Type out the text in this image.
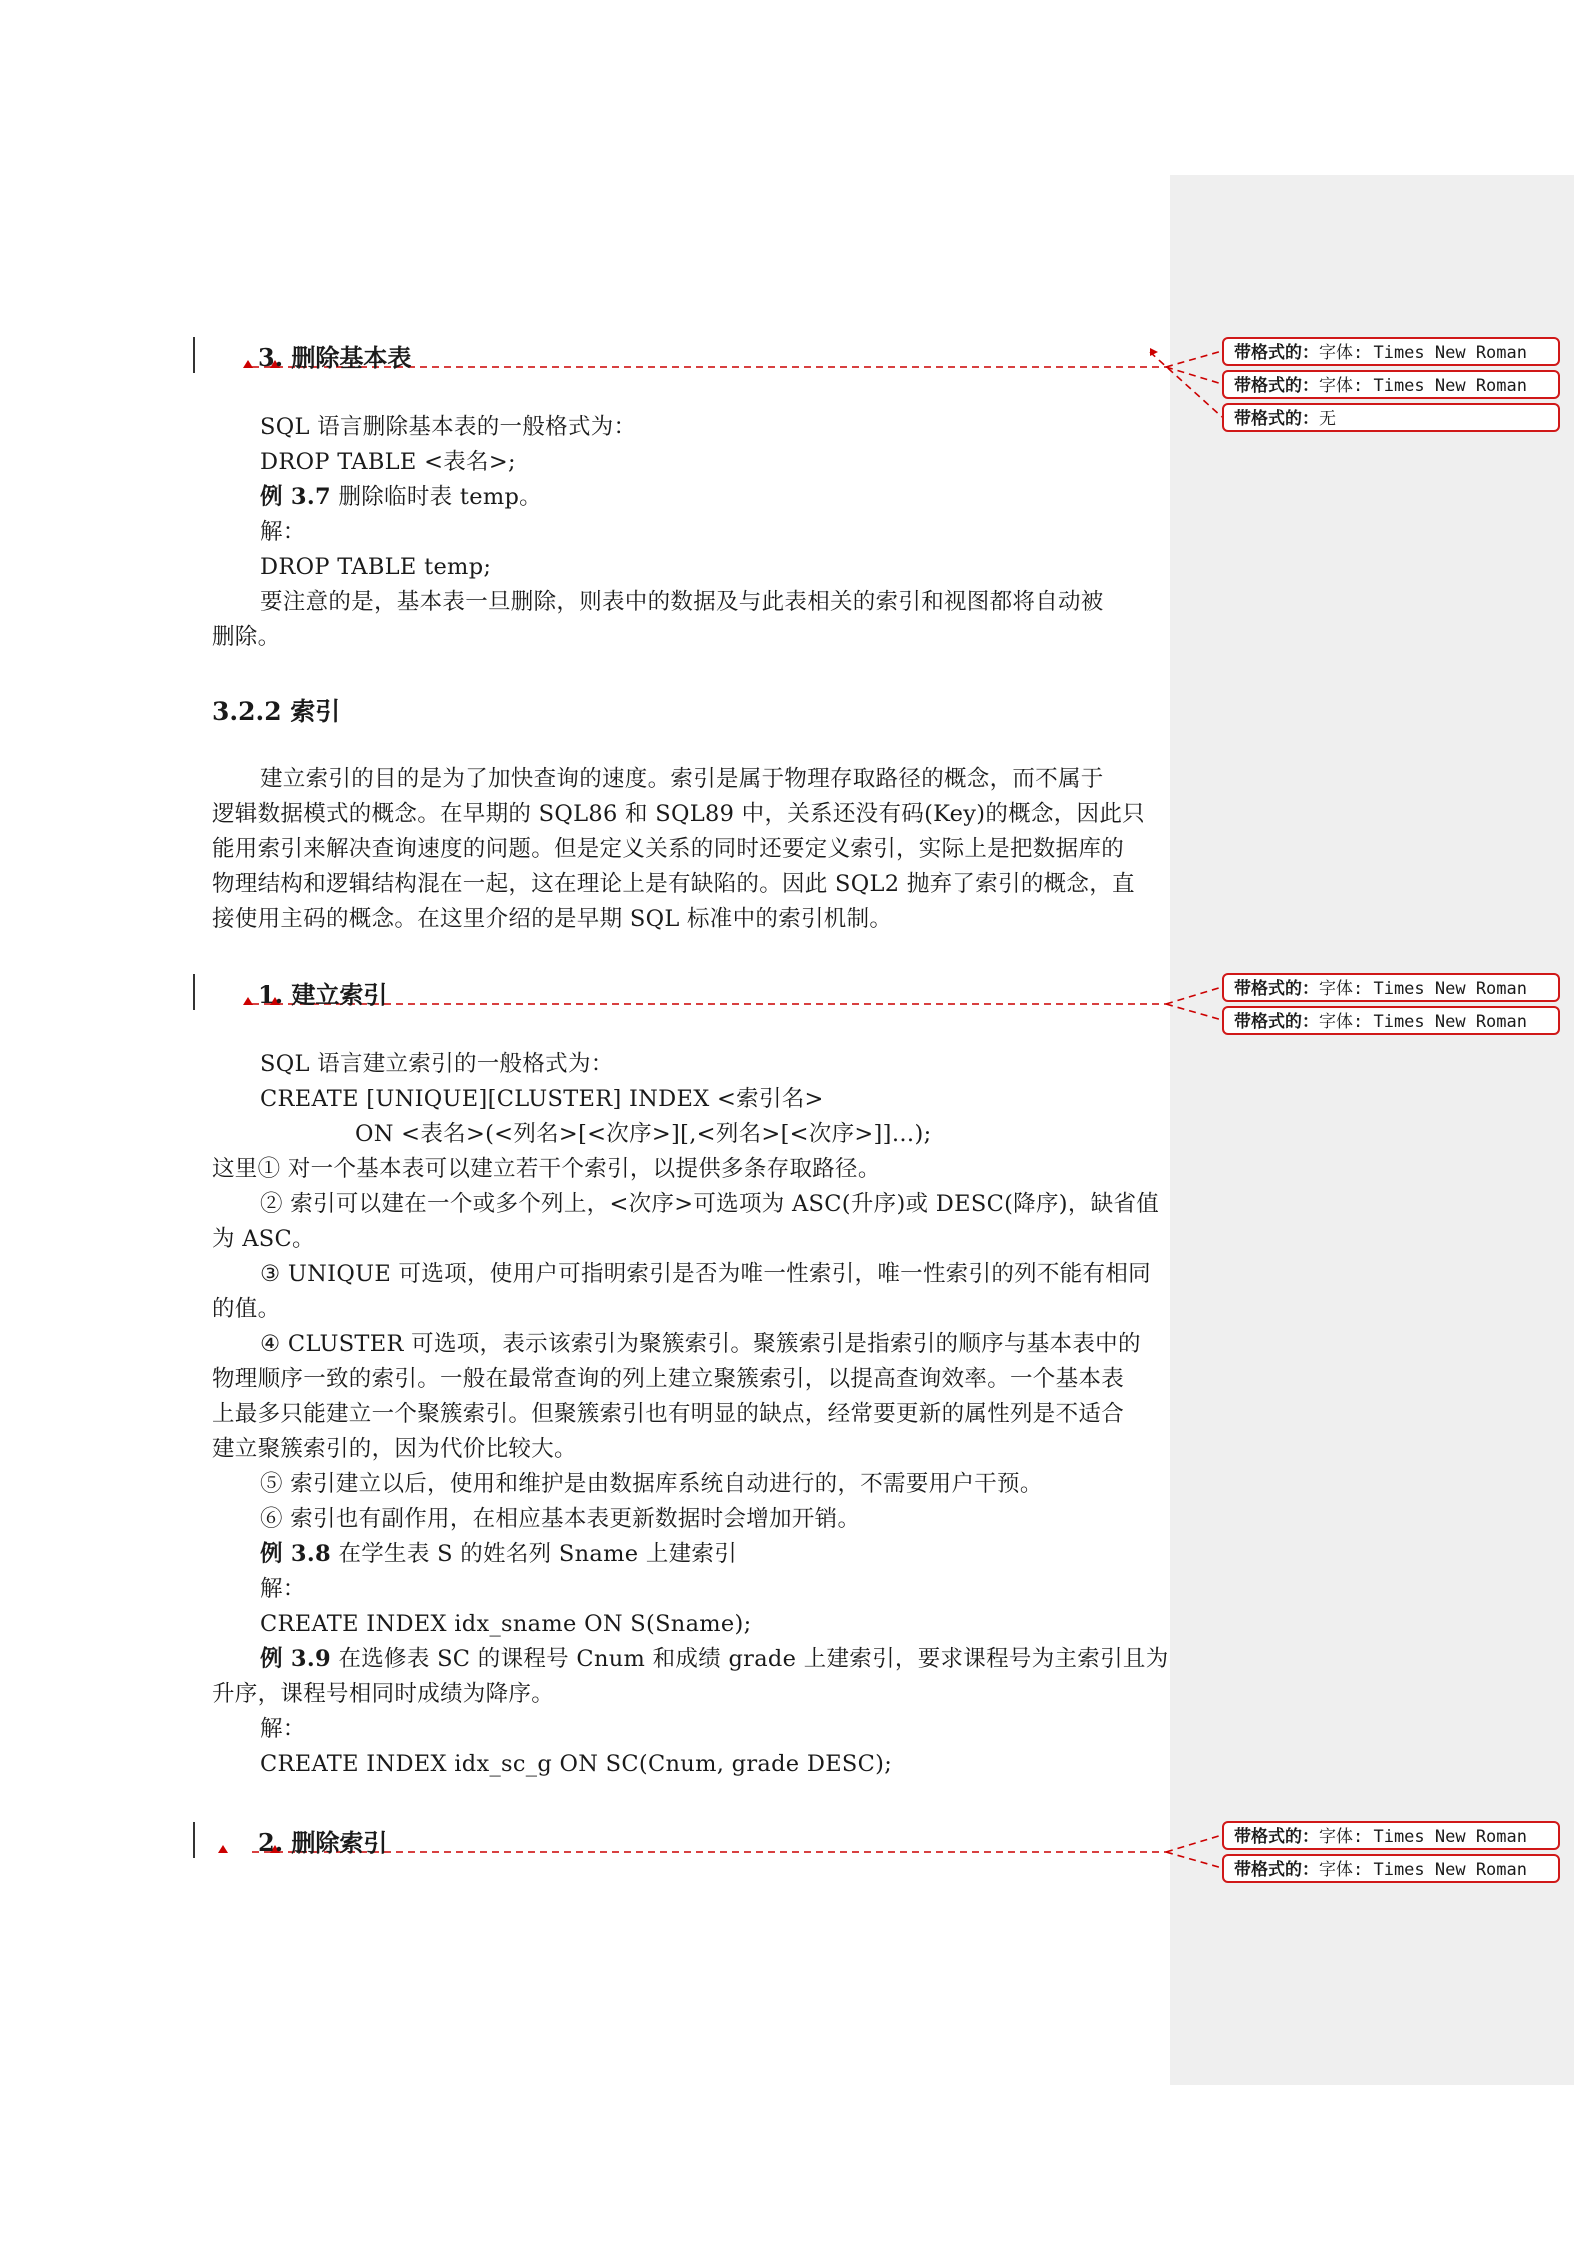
带格式的：字体: Times New Roman
带格式的：字体: Times New Roman
带格式的：无
带格式的：字体: Times New Roman
带格式的：字体: Times New Roman
带格式的：字体: Times New Roman
带格式的：字体: Times New Roman
3. 删除基本表
SQL 语言删除基本表的一般格式为：
DROP TABLE <表名>;
例 3.7 删除临时表 temp。
解：
DROP TABLE temp;
要注意的是，基本表一旦删除，则表中的数据及与此表相关的索引和视图都将自动被
删除。
3.2.2 索引
建立索引的目的是为了加快查询的速度。索引是属于物理存取路径的概念，而不属于
逻辑数据模式的概念。在早期的 SQL86 和 SQL89 中，关系还没有码(Key)的概念，因此只
能用索引来解决查询速度的问题。但是定义关系的同时还要定义索引，实际上是把数据库的
物理结构和逻辑结构混在一起，这在理论上是有缺陷的。因此 SQL2 抛弃了索引的概念，直
接使用主码的概念。在这里介绍的是早期 SQL 标准中的索引机制。
1. 建立索引
SQL 语言建立索引的一般格式为：
CREATE [UNIQUE][CLUSTER] INDEX <索引名>
ON <表名>(<列名>[<次序>][,<列名>[<次序>]]…);
这里① 对一个基本表可以建立若干个索引，以提供多条存取路径。
② 索引可以建在一个或多个列上，<次序>可选项为 ASC(升序)或 DESC(降序)，缺省值
为 ASC。
③ UNIQUE 可选项，使用户可指明索引是否为唯一性索引，唯一性索引的列不能有相同
的值。
④ CLUSTER 可选项，表示该索引为聚簇索引。聚簇索引是指索引的顺序与基本表中的
物理顺序一致的索引。一般在最常查询的列上建立聚簇索引，以提高查询效率。一个基本表
上最多只能建立一个聚簇索引。但聚簇索引也有明显的缺点，经常要更新的属性列是不适合
建立聚簇索引的，因为代价比较大。
⑤ 索引建立以后，使用和维护是由数据库系统自动进行的，不需要用户干预。
⑥ 索引也有副作用，在相应基本表更新数据时会增加开销。
例 3.8 在学生表 S 的姓名列 Sname 上建索引
解：
CREATE INDEX idx_sname ON S(Sname);
例 3.9 在选修表 SC 的课程号 Cnum 和成绩 grade 上建索引，要求课程号为主索引且为
升序，课程号相同时成绩为降序。
解：
CREATE INDEX idx_sc_g ON SC(Cnum, grade DESC);
2. 删除索引
